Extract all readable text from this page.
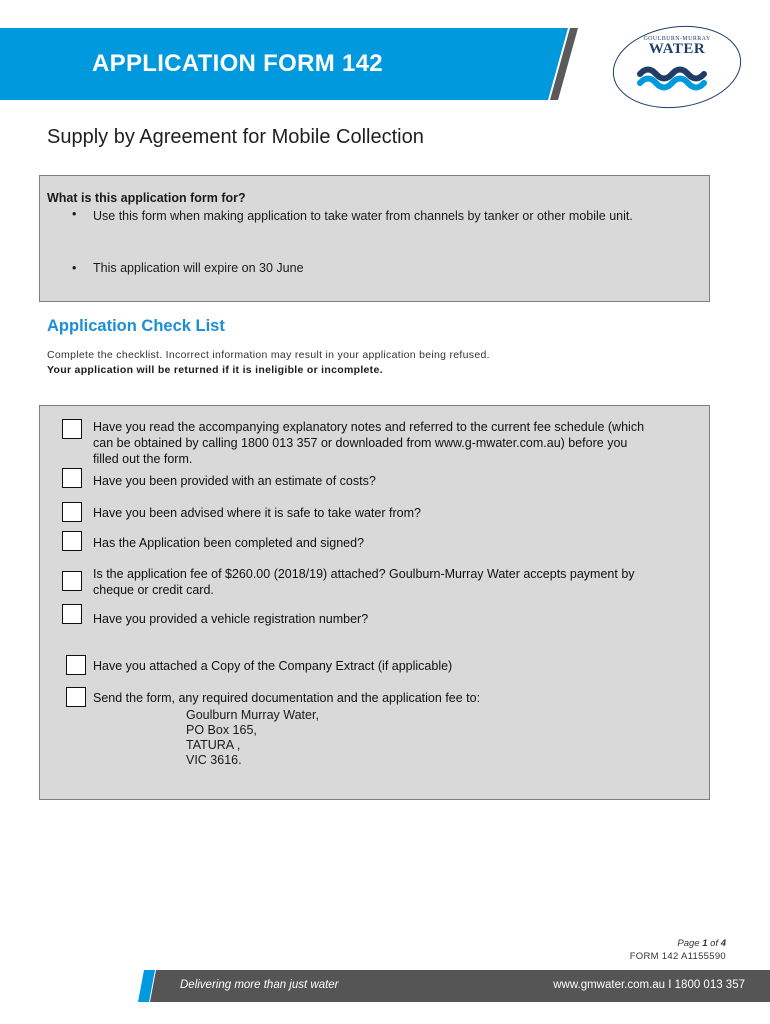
APPLICATION FORM 142
GOULBURN-MURRAY
WATER
Supply by Agreement for Mobile Collection
What is this application form for?
• Use this form when making application to take water from channels by tanker or other mobile unit.
• This application will expire on 30 June
Application Check List
Complete the checklist. Incorrect information may result in your application being refused.
Your application will be returned if it is ineligible or incomplete.
Have you read the accompanying explanatory notes and referred to the current fee schedule (which can be obtained by calling 1800 013 357 or downloaded from www.g-mwater.com.au) before you filled out the form.
Have you been provided with an estimate of costs?
Have you been advised where it is safe to take water from?
Has the Application been completed and signed?
Is the application fee of $260.00 (2018/19) attached? Goulburn-Murray Water accepts payment by cheque or credit card.
Have you provided a vehicle registration number?
Have you attached a Copy of the Company Extract (if applicable)
Send the form, any required documentation and the application fee to:
Goulburn Murray Water,
PO Box 165,
TATURA ,
VIC 3616.
Page 1 of 4
FORM 142 A1155590
Delivering more than just water	www.gmwater.com.au I 1800 013 357
